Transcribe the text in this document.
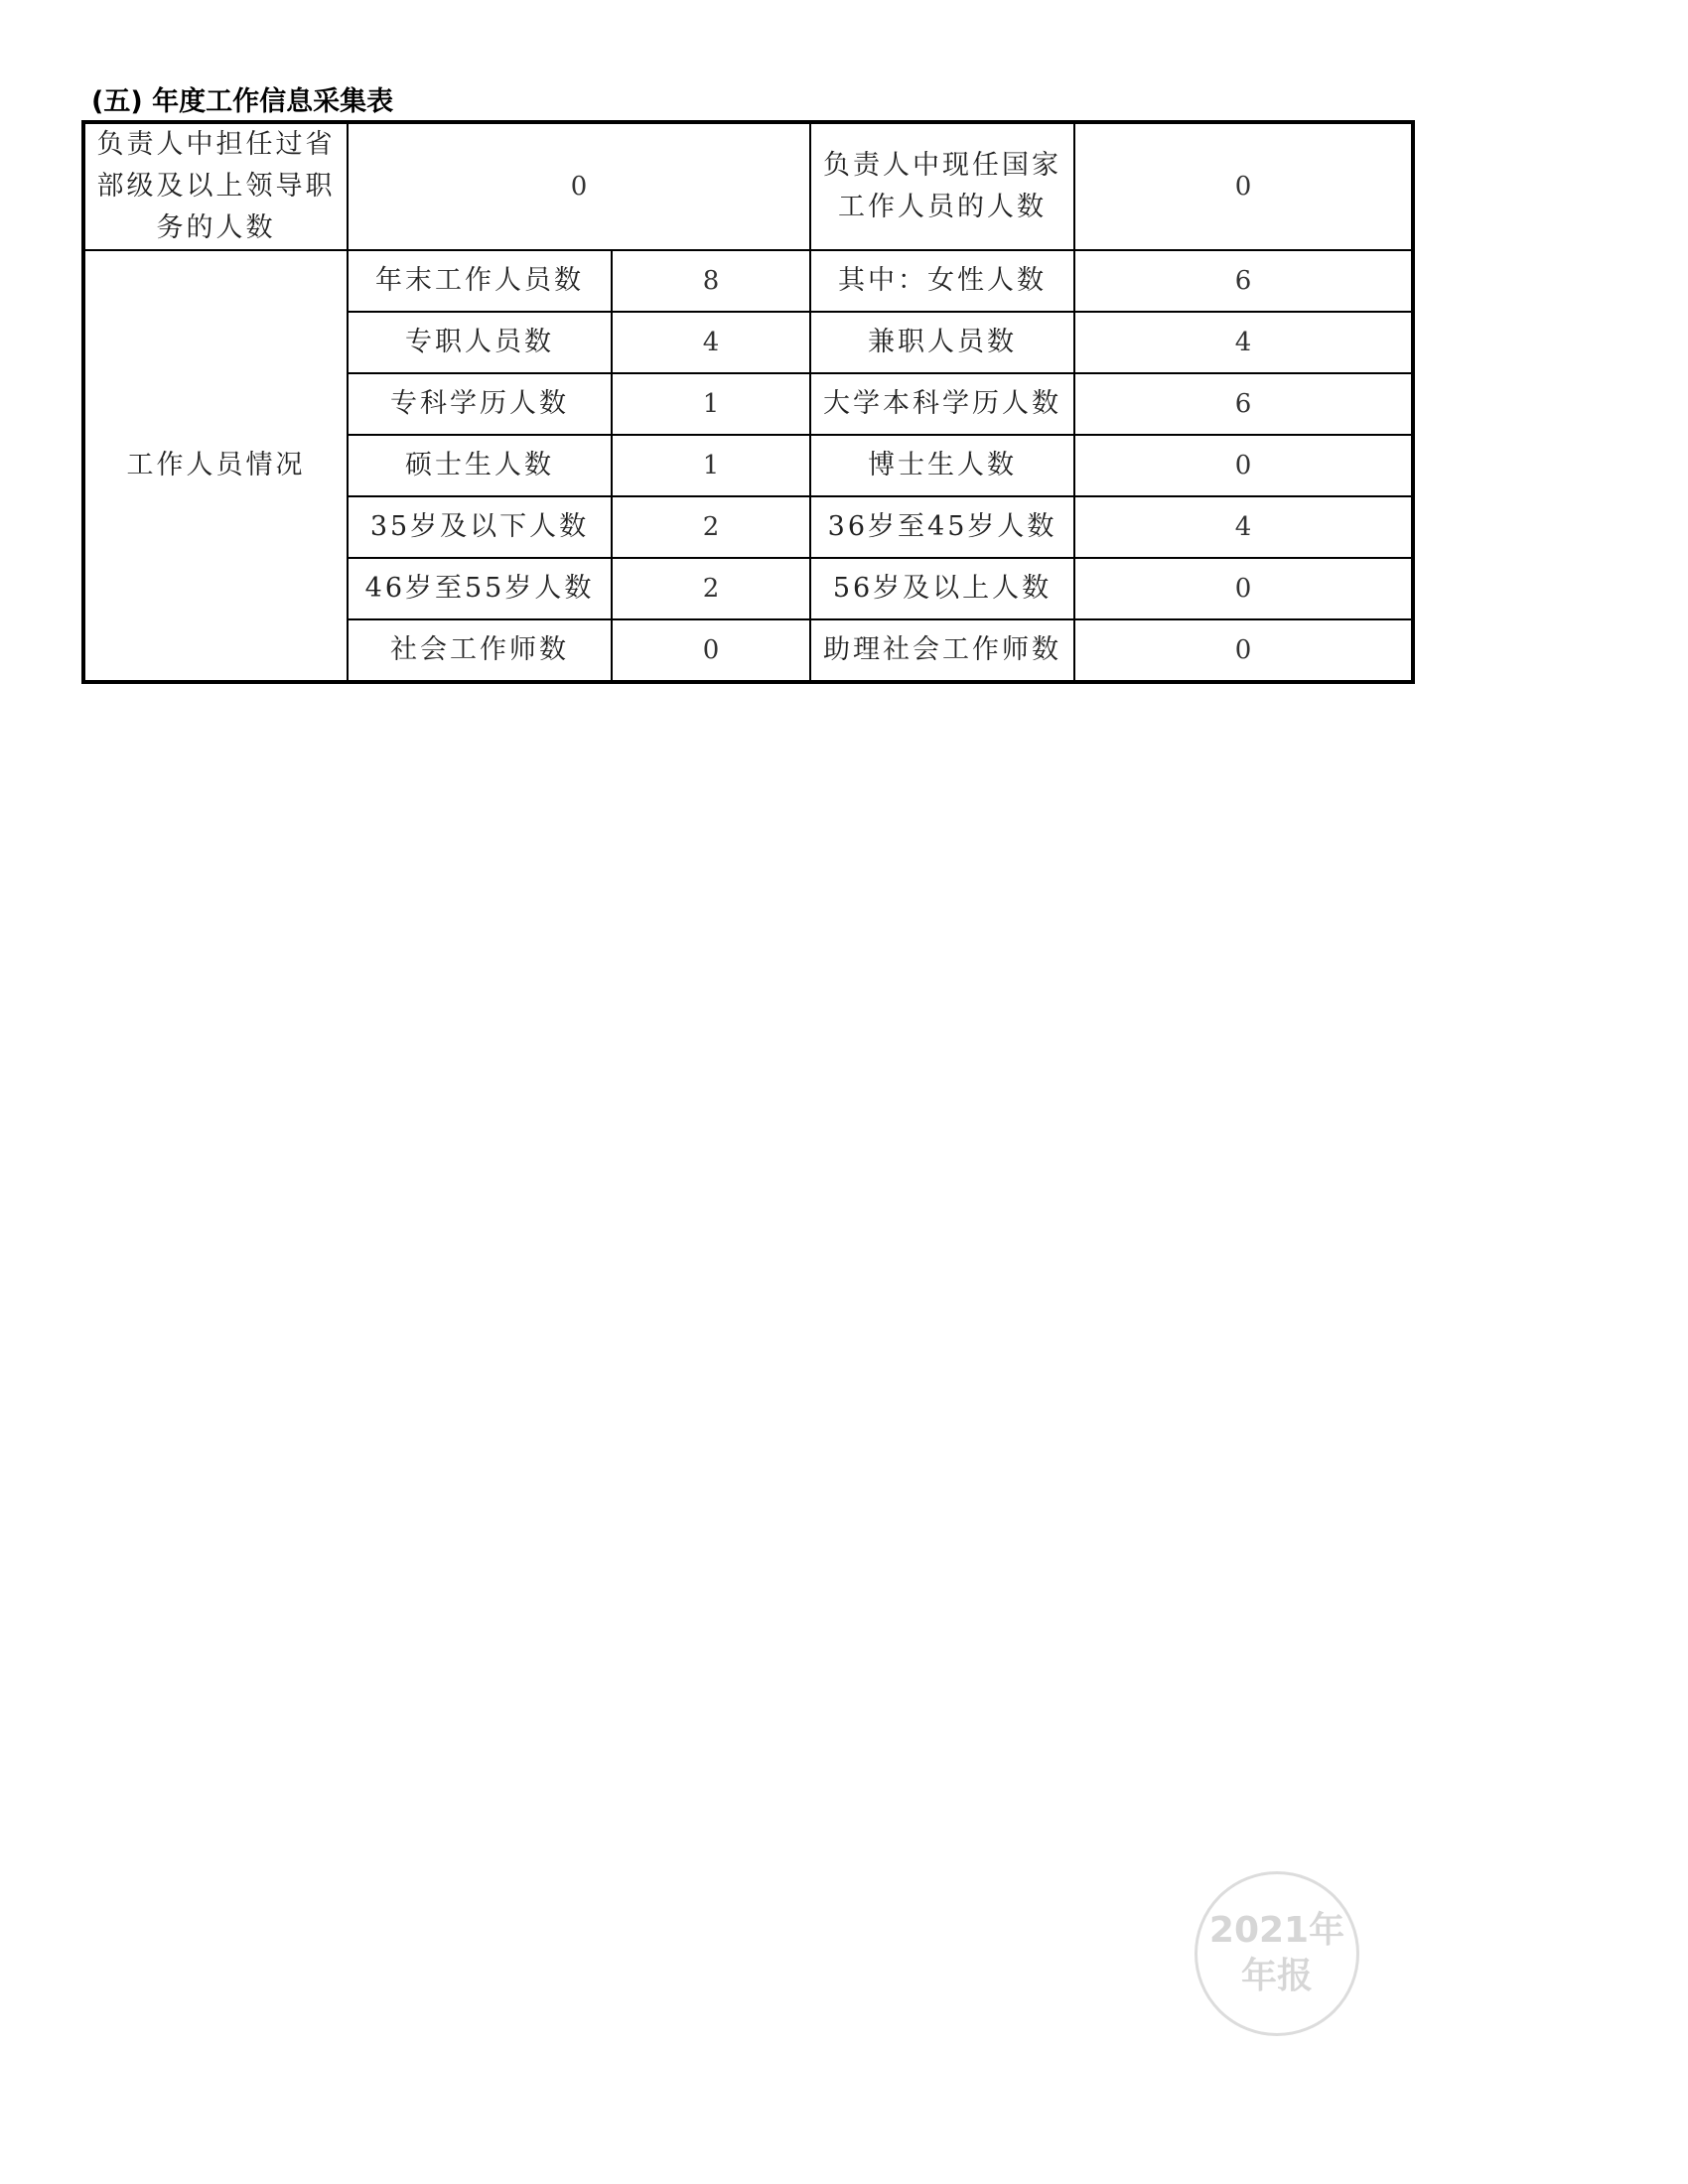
(五) 年度工作信息采集表
负责人中担任过省部级及以上领导职务的人数	0		负责人中现任国家工作人员的人数	0
工作人员情况	年末工作人员数	8	其中：女性人数	6
	专职人员数	4	兼职人员数	4
	专科学历人数	1	大学本科学历人数	6
	硕士生人数	1	博士生人数	0
	35岁及以下人数	2	36岁至45岁人数	4
	46岁至55岁人数	2	56岁及以上人数	0
	社会工作师数	0	助理社会工作师数	0
2021年
年报
